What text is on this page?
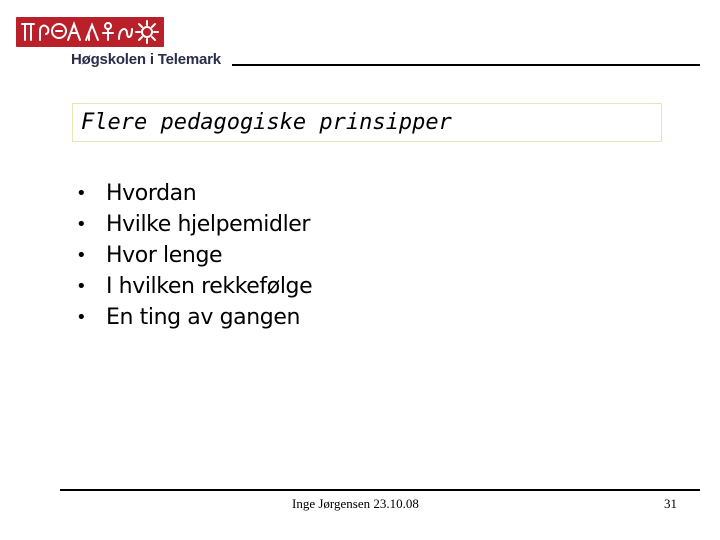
Høgskolen i Telemark
Flere pedagogiske prinsipper
• Hvordan
• Hvilke hjelpemidler
• Hvor lenge
• I hvilken rekkefølge
• En ting av gangen
Inge Jørgensen 23.10.08	31
